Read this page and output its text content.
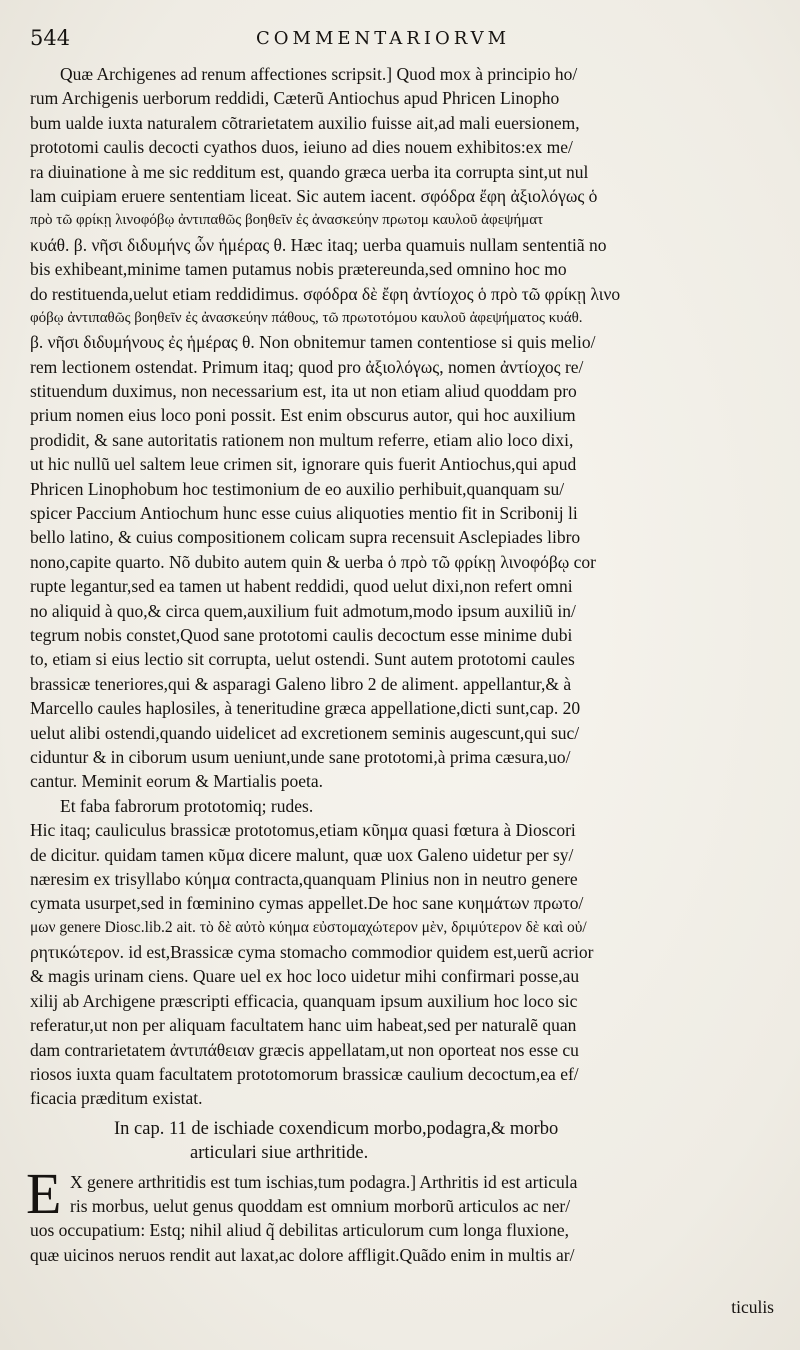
544	COMMENTARIORVM
Quæ Archigenes ad renum affectiones scripsit.] Quod mox à principio ho/
rum Archigenis uerborum reddidi, Cæterũ Antiochus apud Phricen Linopho
bum ualde iuxta naturalem cõtrarietatem auxilio fuisse ait,ad mali euersionem,
prototomi caulis decocti cyathos duos, ieiuno ad dies nouem exhibitos:ex me/
ra diuinatione à me sic redditum est, quando græca uerba ita corrupta sint,ut nul
lam cuipiam eruere sententiam liceat. Sic autem iacent. σφόδρα ἔφη ἀξιολόγως ὁ
πρὸ τῶ φρίκῃ λινοφόβῳ ἀντιπαθῶς βοηθεῖν ἐς ἀνασκεύην πρωτομ καυλοῦ ἀφεψήματ
κυάθ. β. νῆσι διδυμήνς ὧν ἡμέρας θ. Hæc itaq; uerba quamuis nullam sententiã no
bis exhibeant,minime tamen putamus nobis prætereunda,sed omnino hoc mo
do restituenda,uelut etiam reddidimus. σφόδρα δὲ ἔφη ἀντίοχος ὁ πρὸ τῶ φρίκῃ λινο
φόβῳ ἀντιπαθῶς βοηθεῖν ἐς ἀνασκεύην πάθους, τῶ πρωτοτόμου καυλοῦ ἀφεψήματος κυάθ.
β. νῆσι διδυμήνους ἐς ἡμέρας θ. Non obnitemur tamen contentiose si quis melio/
rem lectionem ostendat. Primum itaq; quod pro ἀξιολόγως, nomen ἀντίοχος re/
stituendum duximus, non necessarium est, ita ut non etiam aliud quoddam pro
prium nomen eius loco poni possit. Est enim obscurus autor, qui hoc auxilium
prodidit, & sane autoritatis rationem non multum referre, etiam alio loco dixi,
ut hic nullũ uel saltem leue crimen sit, ignorare quis fuerit Antiochus,qui apud
Phricen Linophobum hoc testimonium de eo auxilio perhibuit,quanquam su/
spicer Paccium Antiochum hunc esse cuius aliquoties mentio fit in Scribonij li
bello latino, & cuius compositionem colicam supra recensuit Asclepiades libro
nono,capite quarto. Nõ dubito autem quin & uerba ὁ πρὸ τῶ φρίκῃ λινοφόβῳ cor
rupte legantur,sed ea tamen ut habent reddidi, quod uelut dixi,non refert omni
no aliquid à quo,& circa quem,auxilium fuit admotum,modo ipsum auxiliũ in/
tegrum nobis constet,Quod sane prototomi caulis decoctum esse minime dubi
to, etiam si eius lectio sit corrupta, uelut ostendi. Sunt autem prototomi caules
brassicæ teneriores,qui & asparagi Galeno libro 2 de aliment. appellantur,& à
Marcello caules haplosiles, à teneritudine græca appellatione,dicti sunt,cap. 20
uelut alibi ostendi,quando uidelicet ad excretionem seminis augescunt,qui suc/
ciduntur & in ciborum usum ueniunt,unde sane prototomi,à prima cæsura,uo/
cantur. Meminit eorum & Martialis poeta.
Et faba fabrorum prototomiq; rudes.
Hic itaq; cauliculus brassicæ prototomus,etiam κῦημα quasi fœtura à Dioscori
de dicitur. quidam tamen κῦμα dicere malunt, quæ uox Galeno uidetur per sy/
næresim ex trisyllabo κύημα contracta,quanquam Plinius non in neutro genere
cymata usurpet,sed in fœminino cymas appellet.De hoc sane κυημάτων πρωτο/
μων genere Diosc.lib.2 ait. τὸ δὲ αὐτὸ κύημα εὐστομαχώτερον μὲν, δριμύτερον δὲ καὶ οὐ/
ρητικώτερον. id est,Brassicæ cyma stomacho commodior quidem est,uerũ acrior
& magis urinam ciens. Quare uel ex hoc loco uidetur mihi confirmari posse,au
xilij ab Archigene præscripti efficacia, quanquam ipsum auxilium hoc loco sic
referatur,ut non per aliquam facultatem hanc uim habeat,sed per naturalẽ quan
dam contrarietatem ἀντιπάθειαν græcis appellatam,ut non oporteat nos esse cu
riosos iuxta quam facultatem prototomorum brassicæ caulium decoctum,ea ef/
ficacia præditum existat.
In cap. 11 de ischiade coxendicum morbo,podagra,& morbo
articulari siue arthritide.
E X genere arthritidis est tum ischias,tum podagra.] Arthritis id est articula
ris morbus, uelut genus quoddam est omnium morborũ articulos ac ner/
uos occupatium: Estq; nihil aliud q̃ debilitas articulorum cum longa fluxione,
quæ uicinos neruos rendit aut laxat,ac dolore affligit.Quãdo enim in multis ar/
ticulis
